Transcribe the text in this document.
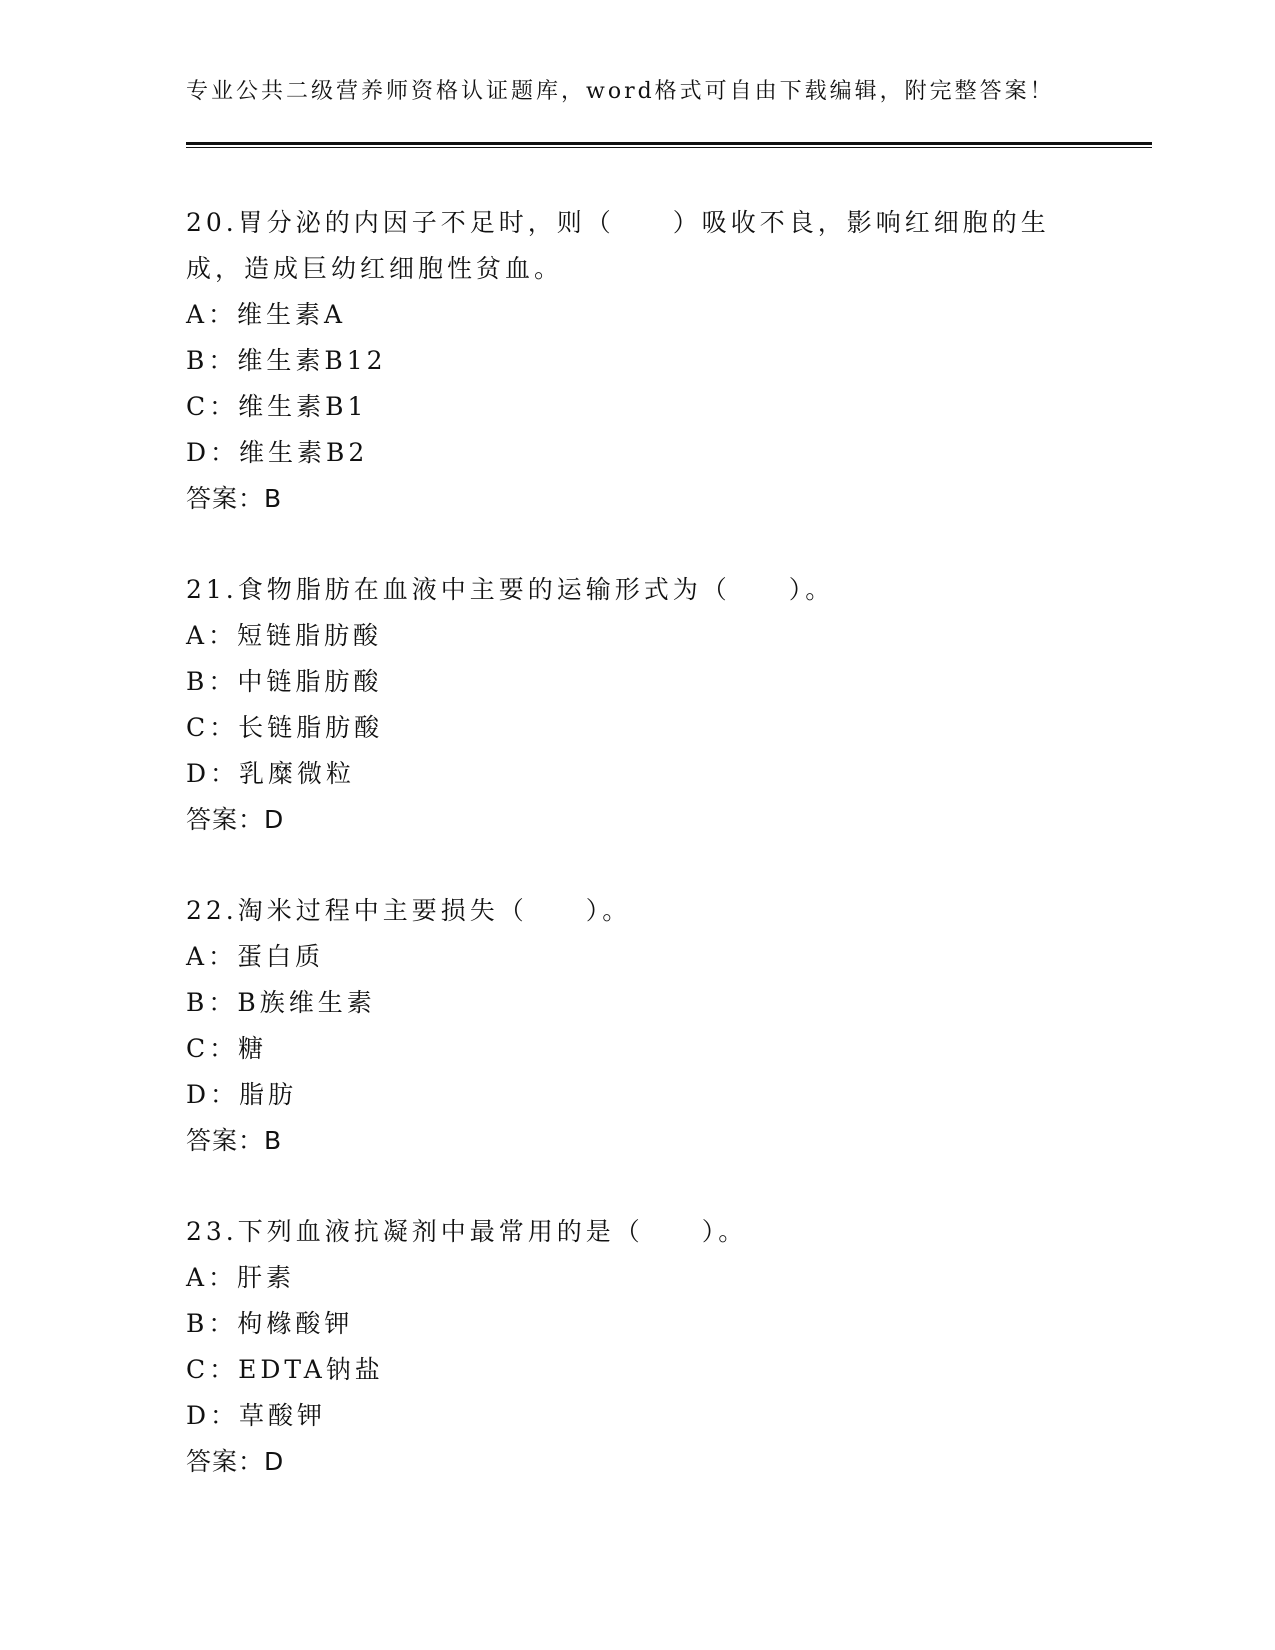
专业公共二级营养师资格认证题库，word格式可自由下载编辑，附完整答案！
20.胃分泌的内因子不足时，则（　　）吸收不良，影响红细胞的生成，造成巨幼红细胞性贫血。
A：维生素A
B：维生素B12
C：维生素B1
D：维生素B2
答案：B
21.食物脂肪在血液中主要的运输形式为（　　）。
A：短链脂肪酸
B：中链脂肪酸
C：长链脂肪酸
D：乳糜微粒
答案：D
22.淘米过程中主要损失（　　）。
A：蛋白质
B：B族维生素
C：糖
D：脂肪
答案：B
23.下列血液抗凝剂中最常用的是（　　）。
A：肝素
B：枸橼酸钾
C：EDTA钠盐
D：草酸钾
答案：D
